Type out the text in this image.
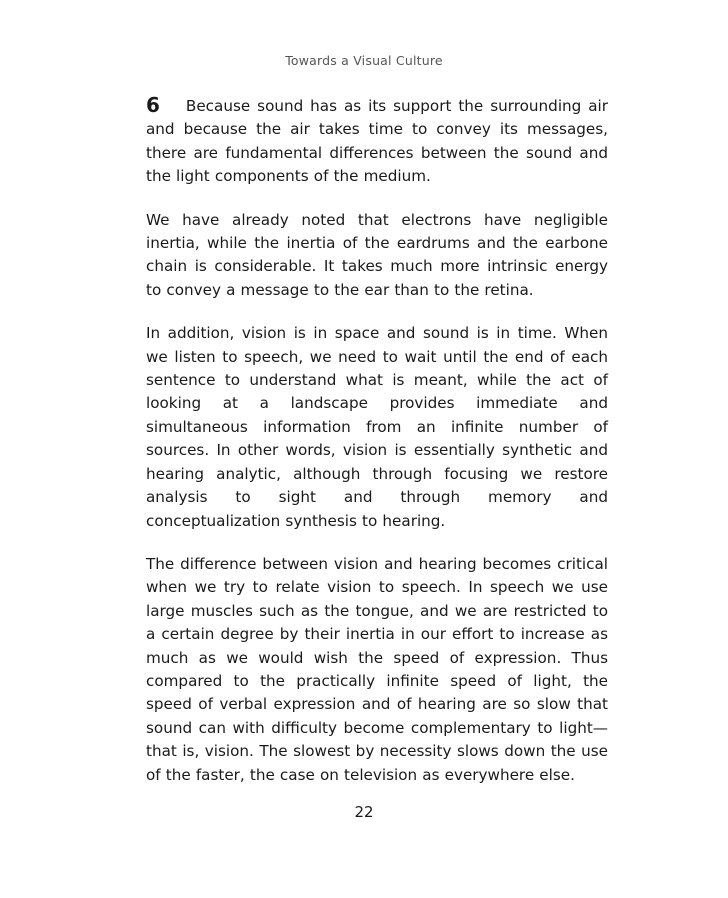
Towards a Visual Culture

6 Because sound has as its support the surrounding air and because the air takes time to convey its messages, there are fundamental differences between the sound and the light components of the medium.

We have already noted that electrons have negligible inertia, while the inertia of the eardrums and the earbone chain is considerable. It takes much more intrinsic energy to convey a message to the ear than to the retina.

In addition, vision is in space and sound is in time. When we listen to speech, we need to wait until the end of each sentence to understand what is meant, while the act of looking at a landscape provides immediate and simultaneous information from an infinite number of sources. In other words, vision is essentially synthetic and hearing analytic, although through focusing we restore analysis to sight and through memory and conceptualization synthesis to hearing.

The difference between vision and hearing becomes critical when we try to relate vision to speech. In speech we use large muscles such as the tongue, and we are restricted to a certain degree by their inertia in our effort to increase as much as we would wish the speed of expression. Thus compared to the practically infinite speed of light, the speed of verbal expression and of hearing are so slow that sound can with difficulty become complementary to light—that is, vision. The slowest by necessity slows down the use of the faster, the case on television as everywhere else.

22
